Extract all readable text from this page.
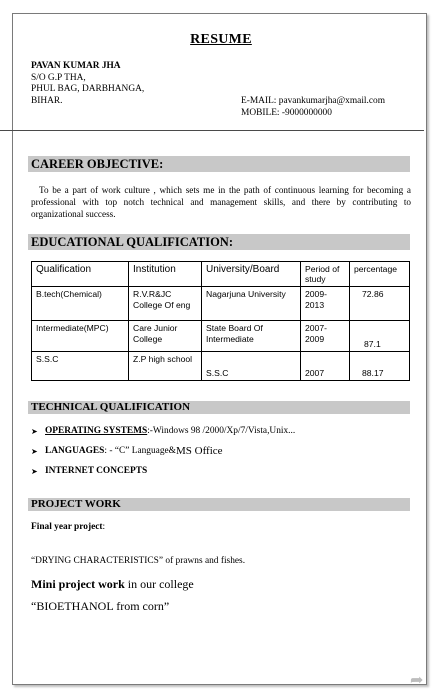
RESUME
PAVAN KUMAR JHA
S/O G.P THA,
PHUL BAG, DARBHANGA,
BIHAR.	E-MAIL: pavankumarjha@xmail.com
MOBILE: -9000000000
CAREER OBJECTIVE:
To be a part of work culture , which sets me in the path of continuous learning for becoming a professional with top notch technical and management skills, and there by contributing to organizational success.
EDUCATIONAL QUALIFICATION:
Qualification	Institution	University/Board	Period of study	percentage
B.tech(Chemical)	R.V.R&JC College Of eng	Nagarjuna University	2009-2013	72.86
Intermediate(MPC)	Care Junior College	State Board Of Intermediate	2007-2009	87.1
S.S.C	Z.P high school	S.S.C	2007	88.17
TECHNICAL QUALIFICATION
➤ OPERATING SYSTEMS :-Windows 98 /2000/Xp/7/Vista,Unix...
➤ LANGUAGES : - “C” Language& MS Office
➤ INTERNET CONCEPTS
PROJECT WORK
Final year project:
“DRYING CHARACTERISTICS” of prawns and fishes.
Mini project work in our college
“BIOETHANOL from corn”
➦
